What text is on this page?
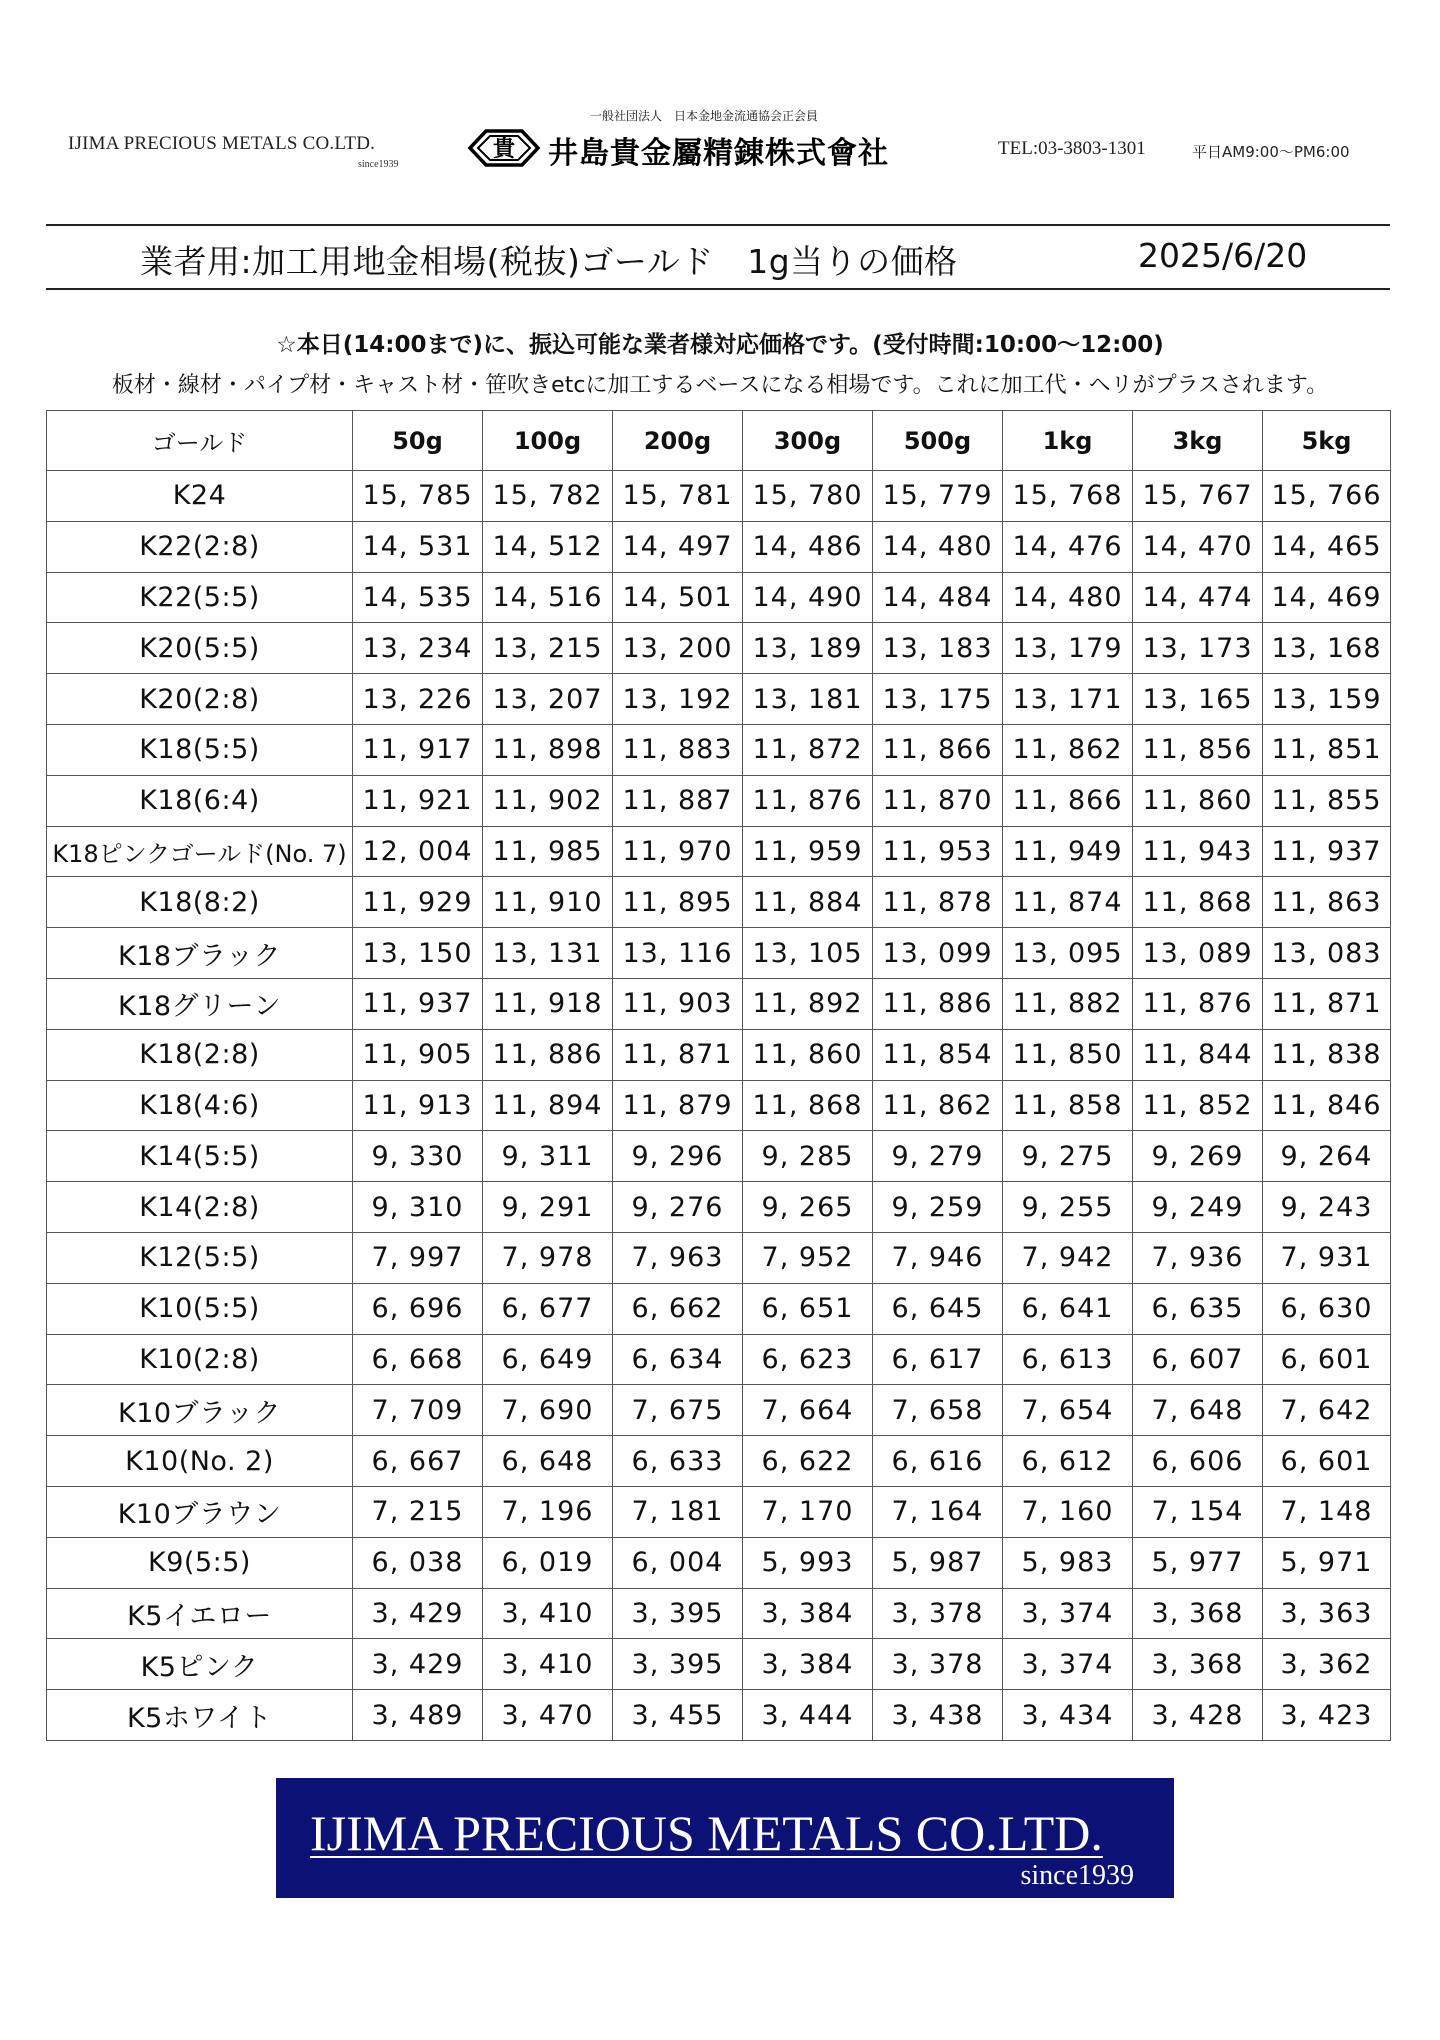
IJIMA PRECIOUS METALS CO.LTD.
since1939
一般社団法人　日本金地金流通協会正会員
貴 井島貴金屬精錬株式會社	TEL:03-3803-1301	平日AM9:00〜PM6:00
業者用:加工用地金相場(税抜)ゴールド　1g当りの価格	2025/6/20
☆本日(14:00まで)に、振込可能な業者様対応価格です。(受付時間:10:00～12:00)
板材・線材・パイプ材・キャスト材・笹吹きetcに加工するベースになる相場です。これに加工代・ヘリがプラスされます。
ゴールド	50g	100g	200g	300g	500g	1kg	3kg	5kg
K24	15, 785	15, 782	15, 781	15, 780	15, 779	15, 768	15, 767	15, 766
K22(2:8)	14, 531	14, 512	14, 497	14, 486	14, 480	14, 476	14, 470	14, 465
K22(5:5)	14, 535	14, 516	14, 501	14, 490	14, 484	14, 480	14, 474	14, 469
K20(5:5)	13, 234	13, 215	13, 200	13, 189	13, 183	13, 179	13, 173	13, 168
K20(2:8)	13, 226	13, 207	13, 192	13, 181	13, 175	13, 171	13, 165	13, 159
K18(5:5)	11, 917	11, 898	11, 883	11, 872	11, 866	11, 862	11, 856	11, 851
K18(6:4)	11, 921	11, 902	11, 887	11, 876	11, 870	11, 866	11, 860	11, 855
K18ピンクゴールド(No. 7)	12, 004	11, 985	11, 970	11, 959	11, 953	11, 949	11, 943	11, 937
K18(8:2)	11, 929	11, 910	11, 895	11, 884	11, 878	11, 874	11, 868	11, 863
K18ブラック	13, 150	13, 131	13, 116	13, 105	13, 099	13, 095	13, 089	13, 083
K18グリーン	11, 937	11, 918	11, 903	11, 892	11, 886	11, 882	11, 876	11, 871
K18(2:8)	11, 905	11, 886	11, 871	11, 860	11, 854	11, 850	11, 844	11, 838
K18(4:6)	11, 913	11, 894	11, 879	11, 868	11, 862	11, 858	11, 852	11, 846
K14(5:5)	9, 330	9, 311	9, 296	9, 285	9, 279	9, 275	9, 269	9, 264
K14(2:8)	9, 310	9, 291	9, 276	9, 265	9, 259	9, 255	9, 249	9, 243
K12(5:5)	7, 997	7, 978	7, 963	7, 952	7, 946	7, 942	7, 936	7, 931
K10(5:5)	6, 696	6, 677	6, 662	6, 651	6, 645	6, 641	6, 635	6, 630
K10(2:8)	6, 668	6, 649	6, 634	6, 623	6, 617	6, 613	6, 607	6, 601
K10ブラック	7, 709	7, 690	7, 675	7, 664	7, 658	7, 654	7, 648	7, 642
K10(No. 2)	6, 667	6, 648	6, 633	6, 622	6, 616	6, 612	6, 606	6, 601
K10ブラウン	7, 215	7, 196	7, 181	7, 170	7, 164	7, 160	7, 154	7, 148
K9(5:5)	6, 038	6, 019	6, 004	5, 993	5, 987	5, 983	5, 977	5, 971
K5イエロー	3, 429	3, 410	3, 395	3, 384	3, 378	3, 374	3, 368	3, 363
K5ピンク	3, 429	3, 410	3, 395	3, 384	3, 378	3, 374	3, 368	3, 362
K5ホワイト	3, 489	3, 470	3, 455	3, 444	3, 438	3, 434	3, 428	3, 423
IJIMA PRECIOUS METALS CO.LTD.
since1939
